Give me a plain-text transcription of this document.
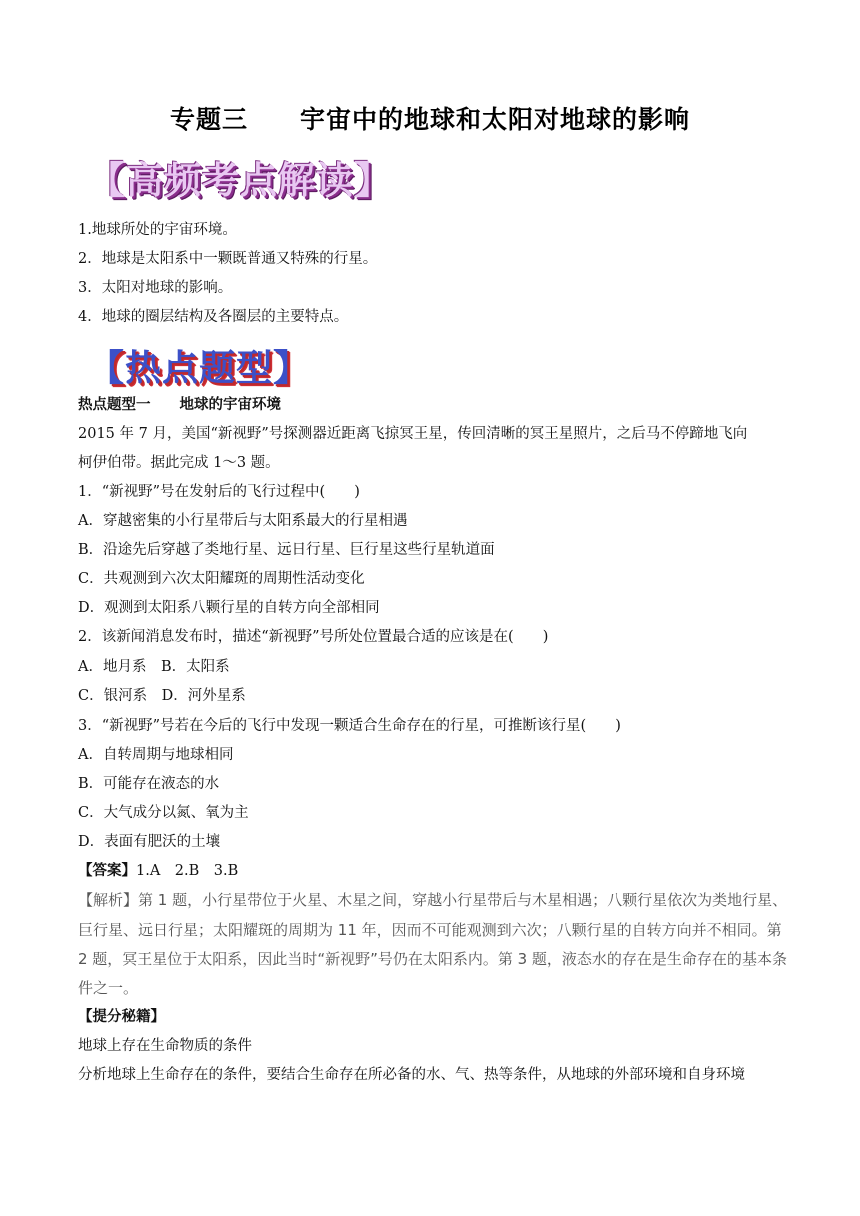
专题三　　宇宙中的地球和太阳对地球的影响
【高频考点解读】
1.地球所处的宇宙环境。
2．地球是太阳系中一颗既普通又特殊的行星。
3．太阳对地球的影响。
4．地球的圈层结构及各圈层的主要特点。
【热点题型】
热点题型一　　地球的宇宙环境
2015 年 7 月，美国“新视野”号探测器近距离飞掠冥王星，传回清晰的冥王星照片，之后马不停蹄地飞向
柯伊伯带。据此完成 1～3 题。
1．“新视野”号在发射后的飞行过程中(　　)
A．穿越密集的小行星带后与太阳系最大的行星相遇
B．沿途先后穿越了类地行星、远日行星、巨行星这些行星轨道面
C．共观测到六次太阳耀斑的周期性活动变化
D．观测到太阳系八颗行星的自转方向全部相同
2．该新闻消息发布时，描述“新视野”号所处位置最合适的应该是在(　　)
A．地月系　B．太阳系
C．银河系　D．河外星系
3．“新视野”号若在今后的飞行中发现一颗适合生命存在的行星，可推断该行星(　　)
A．自转周期与地球相同
B．可能存在液态的水
C．大气成分以氮、氧为主
D．表面有肥沃的土壤
【答案】1.A　2.B　3.B
【解析】第 1 题，小行星带位于火星、木星之间，穿越小行星带后与木星相遇；八颗行星依次为类地行星、
巨行星、远日行星；太阳耀斑的周期为 11 年，因而不可能观测到六次；八颗行星的自转方向并不相同。第
2 题，冥王星位于太阳系，因此当时“新视野”号仍在太阳系内。第 3 题，液态水的存在是生命存在的基本条
件之一。
【提分秘籍】
地球上存在生命物质的条件
分析地球上生命存在的条件，要结合生命存在所必备的水、气、热等条件，从地球的外部环境和自身环境
